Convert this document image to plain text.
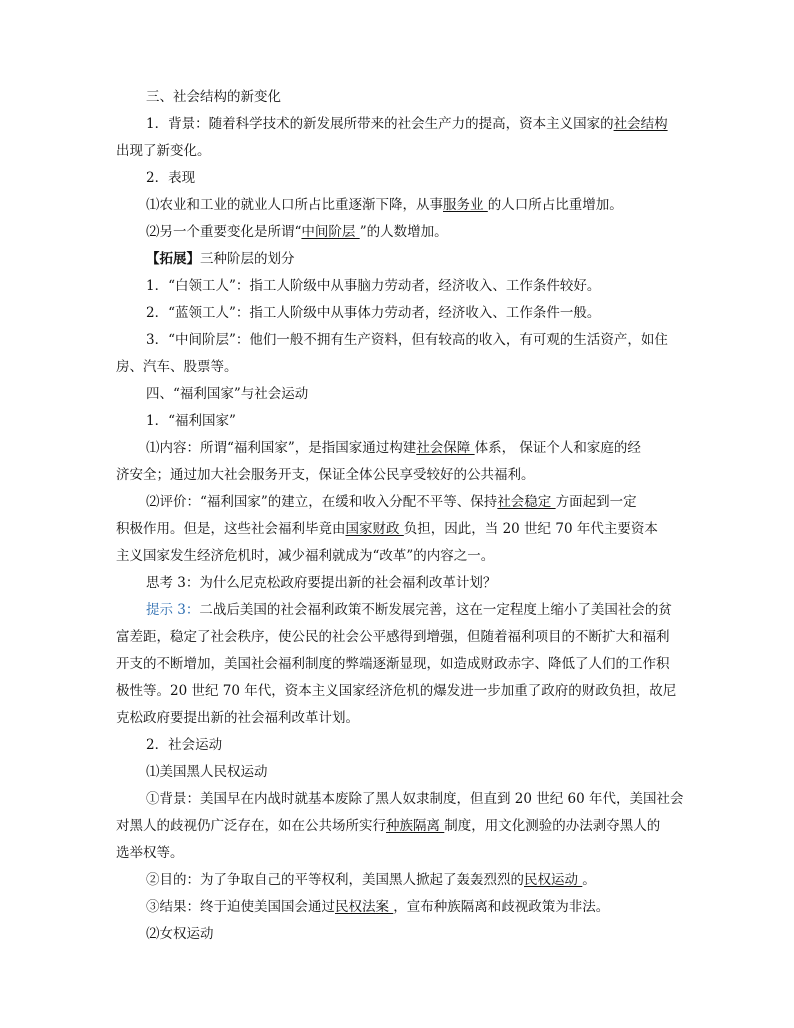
三、社会结构的新变化
1．背景：随着科学技术的新发展所带来的社会生产力的提高，资本主义国家的社会结构
出现了新变化。
2．表现
⑴农业和工业的就业人口所占比重逐渐下降，从事服务业 的人口所占比重增加。
⑵另一个重要变化是所谓“中间阶层 ”的人数增加。
【拓展】三种阶层的划分
1．“白领工人”：指工人阶级中从事脑力劳动者，经济收入、工作条件较好。
2．“蓝领工人”：指工人阶级中从事体力劳动者，经济收入、工作条件一般。
3．“中间阶层”：他们一般不拥有生产资料，但有较高的收入，有可观的生活资产，如住
房、汽车、股票等。
四、“福利国家”与社会运动
1．“福利国家”
⑴内容：所谓“福利国家”，是指国家通过构建社会保障 体系， 保证个人和家庭的经
济安全；通过加大社会服务开支，保证全体公民享受较好的公共福利。
⑵评价：“福利国家”的建立，在缓和收入分配不平等、保持社会稳定 方面起到一定
积极作用。但是，这些社会福利毕竟由国家财政 负担，因此，当 20 世纪 70 年代主要资本
主义国家发生经济危机时，减少福利就成为“改革”的内容之一。
思考 3：为什么尼克松政府要提出新的社会福利改革计划？
提示 3：二战后美国的社会福利政策不断发展完善，这在一定程度上缩小了美国社会的贫
富差距，稳定了社会秩序，使公民的社会公平感得到增强，但随着福利项目的不断扩大和福利
开支的不断增加，美国社会福利制度的弊端逐渐显现，如造成财政赤字、降低了人们的工作积
极性等。20 世纪 70 年代，资本主义国家经济危机的爆发进一步加重了政府的财政负担，故尼
克松政府要提出新的社会福利改革计划。
2．社会运动
⑴美国黑人民权运动
①背景：美国早在内战时就基本废除了黑人奴隶制度，但直到 20 世纪 60 年代，美国社会
对黑人的歧视仍广泛存在，如在公共场所实行种族隔离 制度，用文化测验的办法剥夺黑人的
选举权等。
②目的：为了争取自己的平等权利，美国黑人掀起了轰轰烈烈的民权运动 。
③结果：终于迫使美国国会通过民权法案 ，宣布种族隔离和歧视政策为非法。
⑵女权运动
